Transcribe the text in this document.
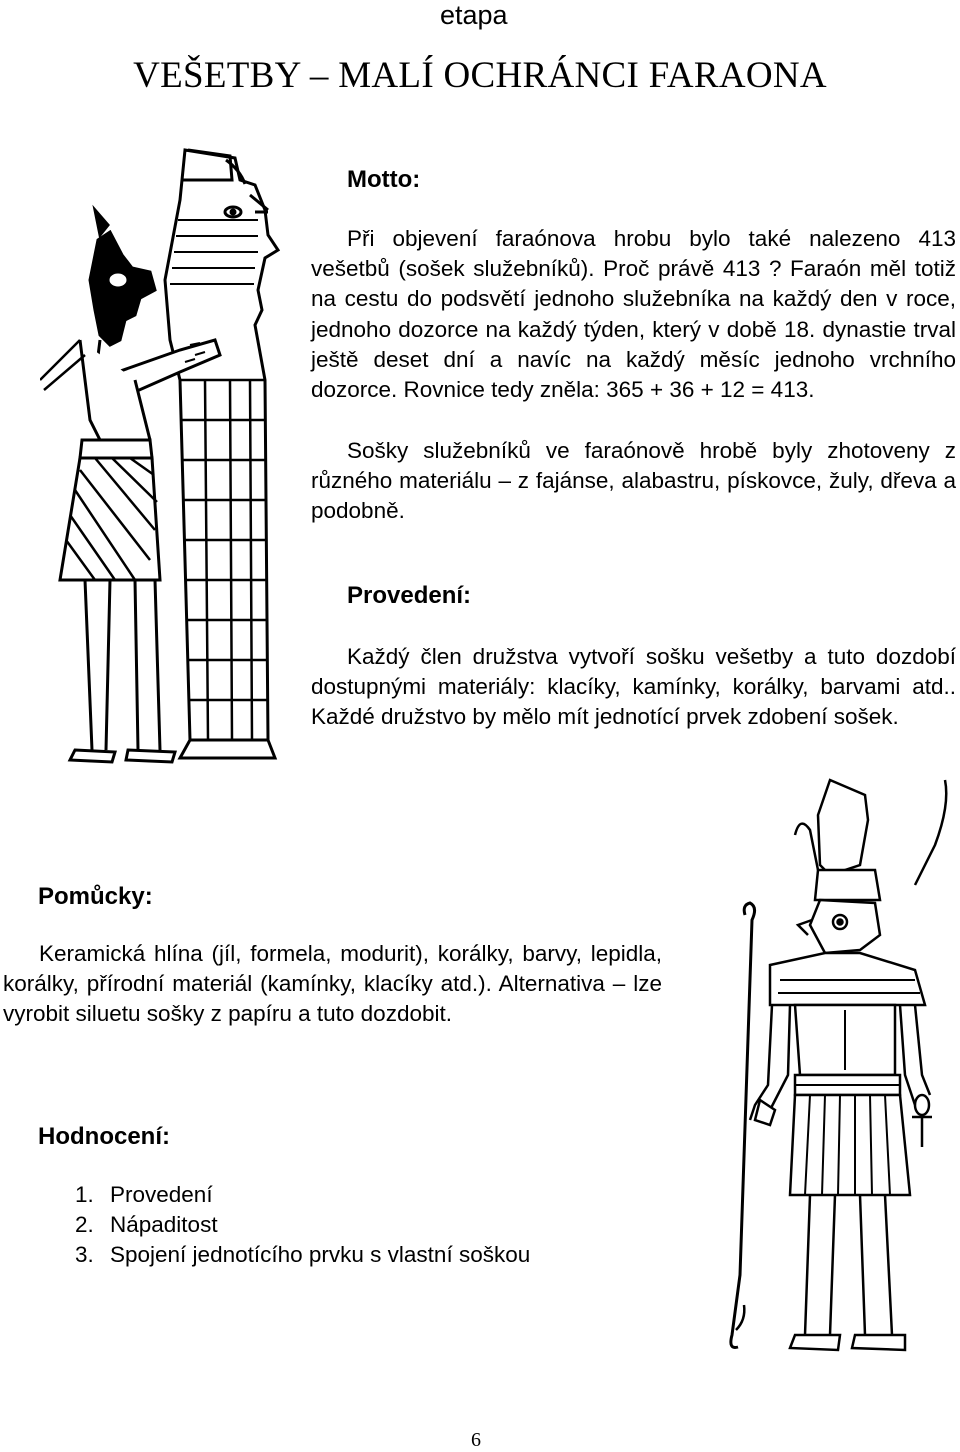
etapa
VEŠETBY – MALÍ OCHRÁNCI FARAONA
Motto:
Při objevení faraónova hrobu bylo také nalezeno 413 vešetbů (sošek služebníků). Proč právě 413 ? Faraón měl totiž na cestu do podsvětí jednoho služebníka na každý den v roce, jednoho dozorce na každý týden, který v době 18. dynastie trval ještě deset dní a navíc na každý měsíc jednoho vrchního dozorce. Rovnice tedy zněla: 365 + 36 + 12 = 413.
Sošky služebníků ve faraónově hrobě byly zhotoveny z různého materiálu – z fajánse, alabastru, pískovce, žuly, dřeva a podobně.
Provedení:
Každý člen družstva vytvoří sošku vešetby a tuto dozdobí dostupnými materiály: klacíky, kamínky, korálky, barvami atd.. Každé družstvo by mělo mít jednotící prvek zdobení sošek.
Pomůcky:
Keramická hlína (jíl, formela, modurit), korálky, barvy, lepidla, korálky, přírodní materiál (kamínky, klacíky atd.). Alternativa – lze vyrobit siluetu sošky z papíru a tuto dozdobit.
Hodnocení:
1. Provedení
2. Nápaditost
3. Spojení jednotícího prvku s vlastní soškou
6
